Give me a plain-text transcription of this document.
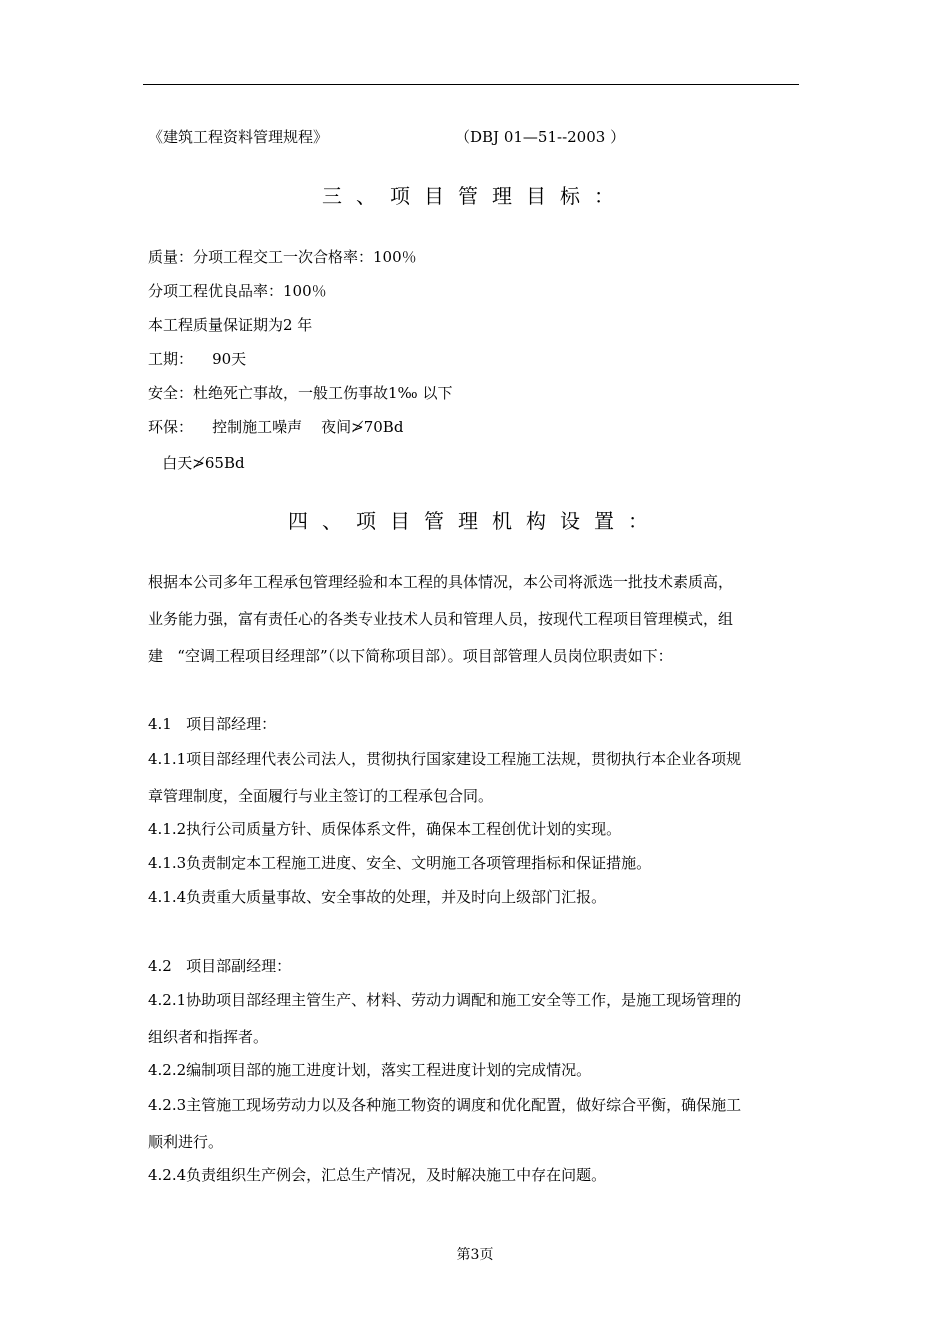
《建筑工程资料管理规程》	（DBJ 01—51--2003 ）
三、项目管理目标：
质量：分项工程交工一次合格率：100％
分项工程优良品率：100％
本工程质量保证期为2 年
工期：    90天
安全：杜绝死亡事故，一般工伤事故1‰ 以下
环保：    控制施工噪声    夜间≯70Bd
白天≯65Bd
四、项目管理机构设置：
根据本公司多年工程承包管理经验和本工程的具体情况，本公司将派选一批技术素质高，
业务能力强，富有责任心的各类专业技术人员和管理人员，按现代工程项目管理模式，组
建   “空调工程项目经理部”（以下简称项目部）。项目部管理人员岗位职责如下：
4.1   项目部经理：
4.1.1项目部经理代表公司法人，贯彻执行国家建设工程施工法规，贯彻执行本企业各项规
章管理制度，全面履行与业主签订的工程承包合同。
4.1.2执行公司质量方针、质保体系文件，确保本工程创优计划的实现。
4.1.3负责制定本工程施工进度、安全、文明施工各项管理指标和保证措施。
4.1.4负责重大质量事故、安全事故的处理，并及时向上级部门汇报。
4.2   项目部副经理：
4.2.1协助项目部经理主管生产、材料、劳动力调配和施工安全等工作，是施工现场管理的
组织者和指挥者。
4.2.2编制项目部的施工进度计划，落实工程进度计划的完成情况。
4.2.3主管施工现场劳动力以及各种施工物资的调度和优化配置，做好综合平衡，确保施工
顺利进行。
4.2.4负责组织生产例会，汇总生产情况，及时解决施工中存在问题。
第3页
